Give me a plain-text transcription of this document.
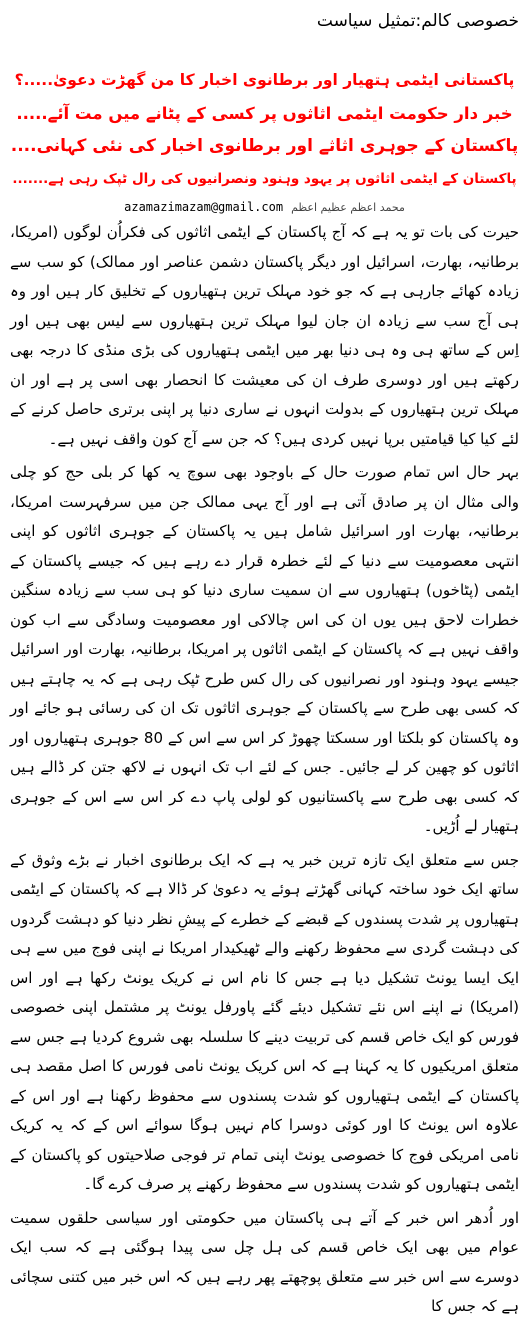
خصوصی کالم:تمثیل سیاست
پاکستانی ایٹمی ہتھیار اور برطانوی اخبار کا من گھڑت دعویٰ.....؟
خبر دار حکومت ایٹمی اثاثوں پر کسی کے پٹانے میں مت آئے.....
پاکستان کے جوہری اثاثے اور برطانوی اخبار کی نئی کہانی....
پاکستان کے ایٹمی اثاثوں پر یہود وہنود ونصرانیوں کی رال ٹپک رہی ہے.......
محمد اعظم عظیم اعظم
azamazimazam@gmail.com

حیرت کی بات تو یہ ہے کہ آج پاکستان کے ایٹمی اثاثوں کی فکراُن لوگوں (امریکا، برطانیہ، بھارت، اسرائیل اور دیگر پاکستان دشمن عناصر اور ممالک) کو سب سے زیادہ کھائے جارہی ہے کہ جو خود مہلک ترین ہتھیاروں کے تخلیق کار ہیں اور وہ ہی آج سب سے زیادہ ان جان لیوا مہلک ترین ہتھیاروں سے لیس بھی ہیں اور اِس کے ساتھ ہی وہ ہی دنیا بھر میں ایٹمی ہتھیاروں کی بڑی منڈی کا درجہ بھی رکھتے ہیں اور دوسری طرف ان کی معیشت کا انحصار بھی اسی پر ہے اور ان مہلک ترین ہتھیاروں کے بدولت انہوں نے ساری دنیا پر اپنی برتری حاصل کرنے کے لئے کیا کیا قیامتیں برپا نہیں کردی ہیں؟ کہ جن سے آج کون واقف نہیں ہے۔

بہر حال اس تمام صورت حال کے باوجود بھی سوچ یہ کھا کر بلی حج کو چلی والی مثال ان پر صادق آتی ہے اور آج یہی ممالک جن میں سرفہرست امریکا، برطانیہ، بھارت اور اسرائیل شامل ہیں یہ پاکستان کے جوہری اثاثوں کو اپنی انتہی معصومیت سے دنیا کے لئے خطرہ قرار دے رہے ہیں کہ جیسے پاکستان کے ایٹمی (پٹاخوں) ہتھیاروں سے ان سمیت ساری دنیا کو ہی سب سے زیادہ سنگین خطرات لاحق ہیں یوں ان کی اس چالاکی اور معصومیت وسادگی سے اب کون واقف نہیں ہے کہ پاکستان کے ایٹمی اثاثوں پر امریکا، برطانیہ، بھارت اور اسرائیل جیسے یہود وہنود اور نصرانیوں کی رال کس طرح ٹپک رہی ہے کہ یہ چاہتے ہیں کہ کسی بھی طرح سے پاکستان کے جوہری اثاثوں تک ان کی رسائی ہو جائے اور وہ پاکستان کو بلکتا اور سسکتا چھوڑ کر اس سے اس کے 80 جوہری ہتھیاروں اور اثاثوں کو چھین کر لے جائیں۔ جس کے لئے اب تک انہوں نے لاکھ جتن کر ڈالے ہیں کہ کسی بھی طرح سے پاکستانیوں کو لولی پاپ دے کر اس سے اس کے جوہری ہتھیار لے اُڑیں۔

جس سے متعلق ایک تازہ ترین خبر یہ ہے کہ ایک برطانوی اخبار نے بڑے وثوق کے ساتھ ایک خود ساختہ کہانی گھڑتے ہوئے یہ دعویٰ کر ڈالا ہے کہ پاکستان کے ایٹمی ہتھیاروں پر شدت پسندوں کے قبضے کے خطرے کے پیشِ نظر دنیا کو دہشت گردوں کی دہشت گردی سے محفوظ رکھنے والے ٹھیکیدار امریکا نے اپنی فوج میں سے ہی ایک ایسا یونٹ تشکیل دیا ہے جس کا نام اس نے کریک یونٹ رکھا ہے اور اس (امریکا) نے اپنے اس نئے تشکیل دیئے گئے پاورفل یونٹ پر مشتمل اپنی خصوصی فورس کو ایک خاص قسم کی تربیت دینے کا سلسلہ بھی شروع کردیا ہے جس سے متعلق امریکیوں کا یہ کہنا ہے کہ اس کریک یونٹ نامی فورس کا اصل مقصد ہی پاکستان کے ایٹمی ہتھیاروں کو شدت پسندوں سے محفوظ رکھنا ہے اور اس کے علاوہ اس یونٹ کا اور کوئی دوسرا کام نہیں ہوگا سوائے اس کے کہ یہ کریک نامی امریکی فوج کا خصوصی یونٹ اپنی تمام تر فوجی صلاحیتوں کو پاکستان کے ایٹمی ہتھیاروں کو شدت پسندوں سے محفوظ رکھنے پر صرف کرے گا۔

اور اُدھر اس خبر کے آتے ہی پاکستان میں حکومتی اور سیاسی حلقوں سمیت عوام میں بھی ایک خاص قسم کی ہل چل سی پیدا ہوگئی ہے کہ سب ایک دوسرے سے اس خبر سے متعلق پوچھتے پھر رہے ہیں کہ اس خبر میں کتنی سچائی ہے کہ جس کا
